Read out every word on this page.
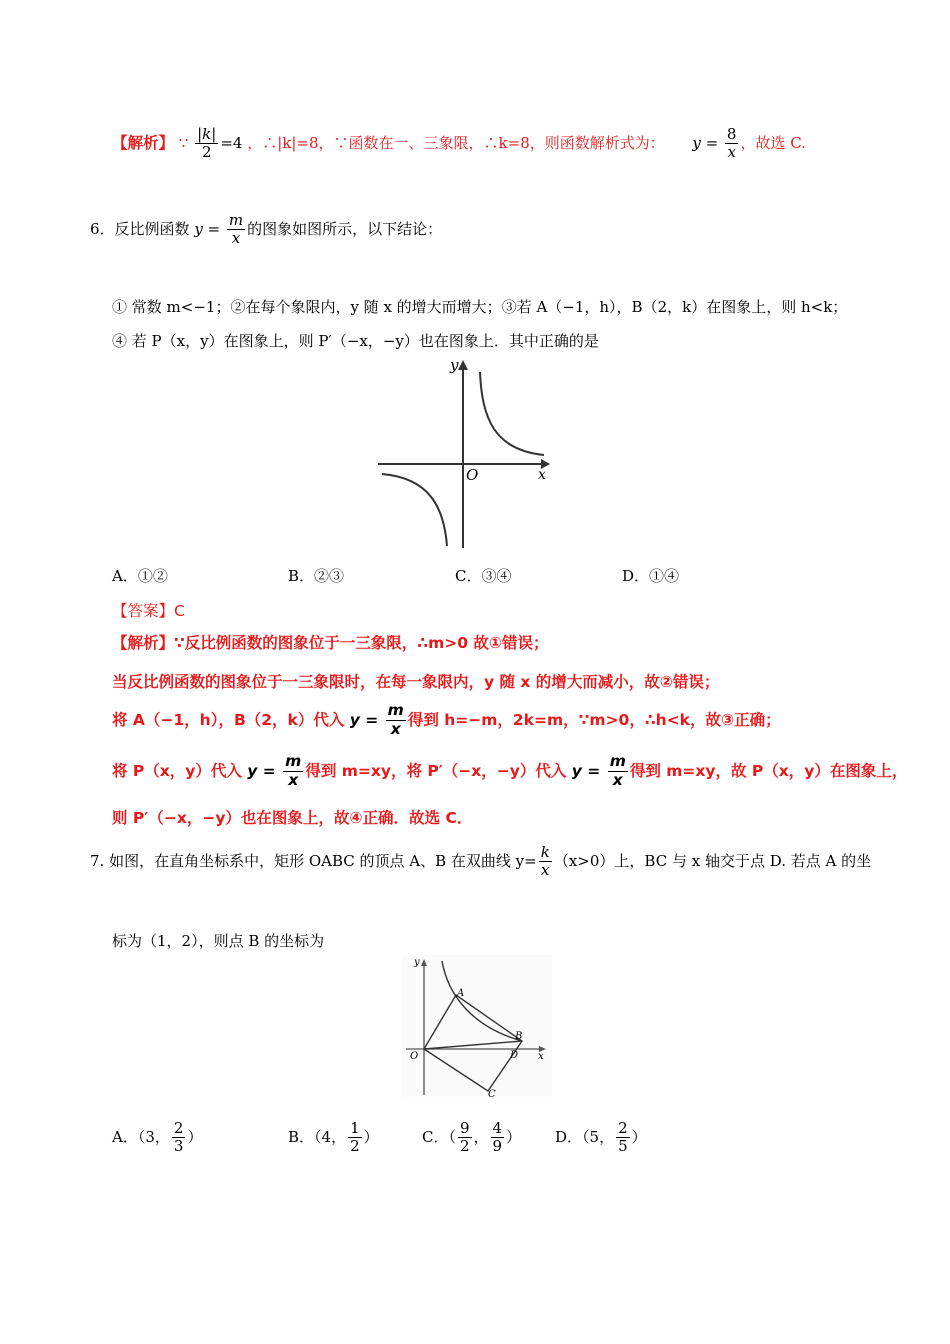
【解析】 ∵ $\frac{|k|}{2} =4$ ，∴|k|=8，∵函数在一、三象限，∴k=8，则函数解析式为： $y = \frac{8}{x}$ ，故选 C.
6．反比例函数 $y = \frac{m}{x}$ 的图象如图所示，以下结论：
① 常数 m<−1；②在每个象限内，y 随 x 的增大而增大；③若 A（−1，h），B（2，k）在图象上，则 h<k；
④ 若 P（x，y）在图象上，则 P′（−x，−y）也在图象上．其中正确的是
y
x
O
A．①②	B．②③	C．③④	D．①④
【答案】C
【解析】∵反比例函数的图象位于一三象限，∴m>0 故①错误；
当反比例函数的图象位于一三象限时，在每一象限内，y 随 x 的增大而减小，故②错误；
将 A（−1，h），B（2，k）代入 $y = \frac{m}{x}$ 得到 h=−m，2k=m，∵m>0，∴h<k，故③正确；
将 P（x，y）代入 $y = \frac{m}{x}$ 得到 m=xy，将 P′（−x，−y）代入 $y = \frac{m}{x}$ 得到 m=xy，故 P（x，y）在图象上，
则 P′（−x，−y）也在图象上，故④正确．故选 C．
7. 如图，在直角坐标系中，矩形 OABC 的顶点 A、B 在双曲线 $y= \frac{k}{x} (x>0)$上，BC 与 x 轴交于点 D. 若点 A 的坐
标为（1，2），则点 B 的坐标为
y
x
O
A
B
C
D
A．（3， $\frac{2}{3}$ ）	B．（4， $\frac{1}{2}$ ）	C．（ $\frac{9}{2}$ ， $\frac{4}{9}$ ） D．（5， $\frac{2}{5}$ ）
